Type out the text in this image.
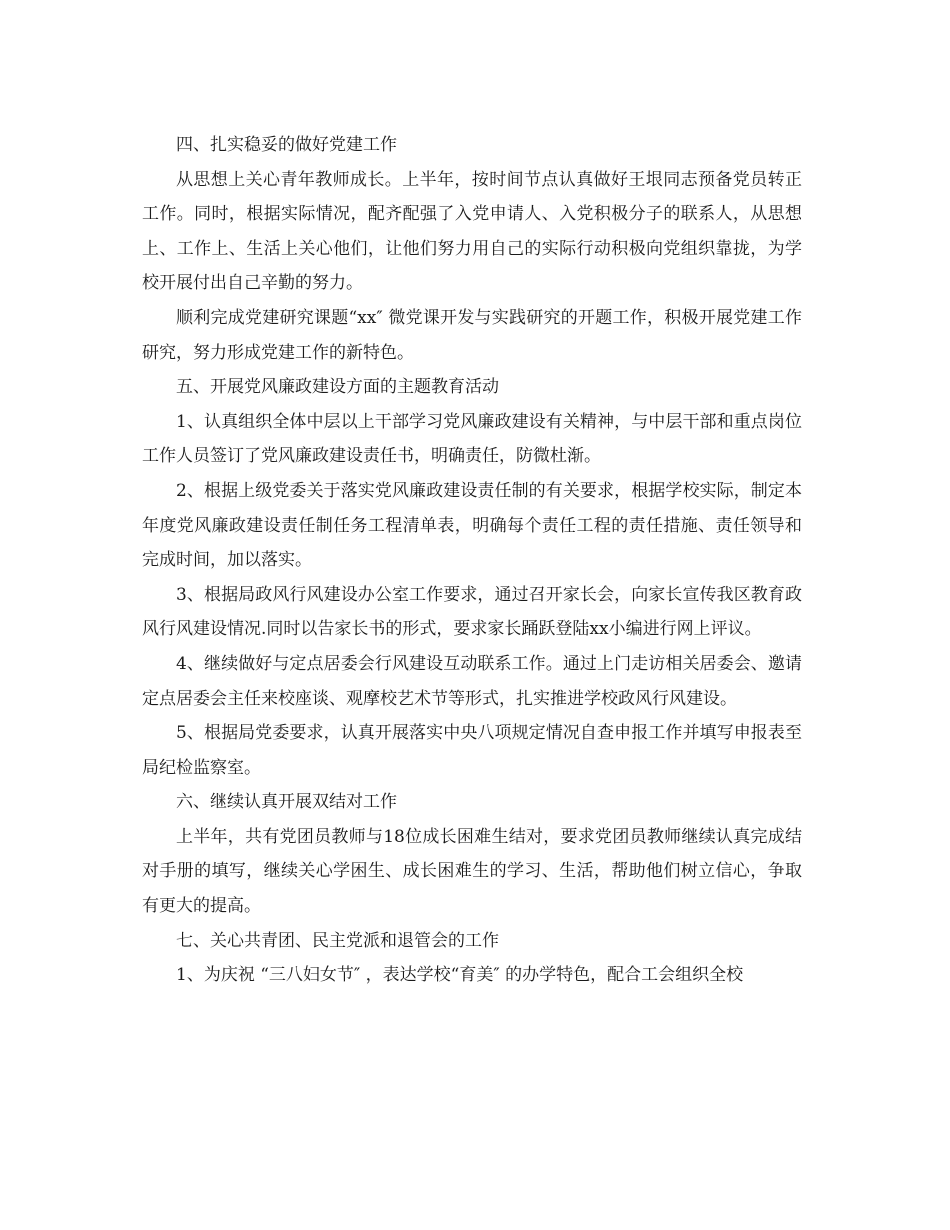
四、扎实稳妥的做好党建工作

从思想上关心青年教师成长。上半年，按时间节点认真做好王垠同志预备党员转正工作。同时，根据实际情况，配齐配强了入党申请人、入党积极分子的联系人，从思想上、工作上、生活上关心他们，让他们努力用自己的实际行动积极向党组织靠拢，为学校开展付出自己辛勤的努力。

顺利完成党建研究课题“xx″ 微党课开发与实践研究的开题工作，积极开展党建工作研究，努力形成党建工作的新特色。

五、开展党风廉政建设方面的主题教育活动

1、认真组织全体中层以上干部学习党风廉政建设有关精神，与中层干部和重点岗位工作人员签订了党风廉政建设责任书，明确责任，防微杜渐。

2、根据上级党委关于落实党风廉政建设责任制的有关要求，根据学校实际，制定本年度党风廉政建设责任制任务工程清单表，明确每个责任工程的责任措施、责任领导和完成时间，加以落实。

3、根据局政风行风建设办公室工作要求，通过召开家长会，向家长宣传我区教育政风行风建设情况.同时以告家长书的形式，要求家长踊跃登陆xx小编进行网上评议。

4、继续做好与定点居委会行风建设互动联系工作。通过上门走访相关居委会、邀请定点居委会主任来校座谈、观摩校艺术节等形式，扎实推进学校政风行风建设。

5、根据局党委要求，认真开展落实中央八项规定情况自查申报工作并填写申报表至局纪检监察室。

六、继续认真开展双结对工作

上半年，共有党团员教师与18位成长困难生结对，要求党团员教师继续认真完成结对手册的填写，继续关心学困生、成长困难生的学习、生活，帮助他们树立信心，争取有更大的提高。

七、关心共青团、民主党派和退管会的工作

1、为庆祝 “三八妇女节″ ，表达学校“育美″ 的办学特色，配合工会组织全校
